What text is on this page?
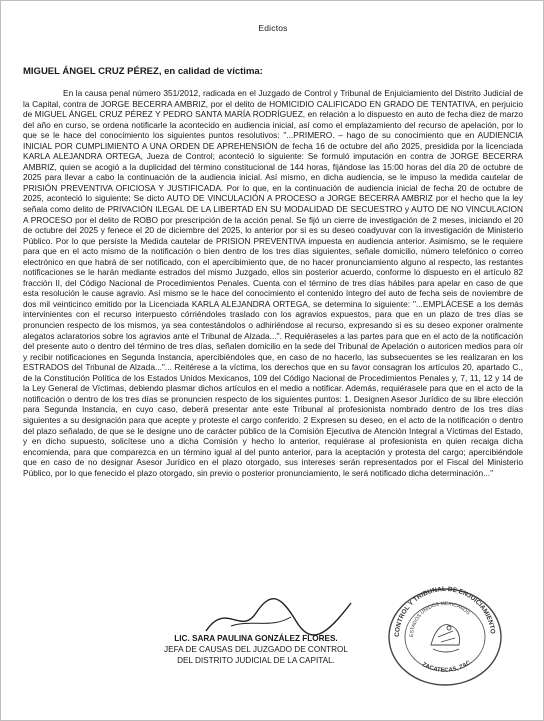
Edictos
MIGUEL ÁNGEL CRUZ PÉREZ, en calidad de víctima:
En la causa penal número 351/2012, radicada en el Juzgado de Control y Tribunal de Enjuiciamiento del Distrito Judicial de la Capital, contra de JORGE BECERRA AMBRIZ, por el delito de HOMICIDIO CALIFICADO EN GRADO DE TENTATIVA, en perjuicio de MIGUEL ÁNGEL CRUZ PÉREZ Y PEDRO SANTA MARÍA RODRÍGUEZ, en relación a lo dispuesto en auto de fecha diez de marzo del año en curso, se ordena notificarle la acontecido en audiencia inicial, así como el emplazamiento del recurso de apelación, por lo que se le hace del conocimiento los siguientes puntos resolutivos: "...PRIMERO. – hago de su conocimiento que en AUDIENCIA INICIAL POR CUMPLIMIENTO A UNA ORDEN DE APREHENSIÓN de fecha 16 de octubre del año 2025, presidida por la licenciada KARLA ALEJANDRA ORTEGA, Jueza de Control; aconteció lo siguiente: Se formuló imputación en contra de JORGE BECERRA AMBRIZ, quien se acogió a la duplicidad del término constitucional de 144 horas, fijándose las 15:00 horas del día 20 de octubre de 2025 para llevar a cabo la continuación de la audiencia inicial. Así mismo, en dicha audiencia, se le impuso la medida cautelar de PRISIÓN PREVENTIVA OFICIOSA Y JUSTIFICADA. Por lo que, en la continuación de audiencia inicial de fecha 20 de octubre de 2025, aconteció lo siguiente: Se dicto AUTO DE VINCULACIÓN A PROCESO a JORGE BECERRA AMBRIZ por el hecho que la ley señala como delito de PRIVACIÓN ILEGAL DE LA LIBERTAD EN SU MODALIDAD DE SECUESTRO y AUTO DE NO VINCULACION A PROCESO por el delito de ROBO por prescripción de la acción penal. Se fijó un cierre de investigación de 2 meses, iniciando el 20 de octubre del 2025 y fenece el 20 de diciembre del 2025, lo anterior por si es su deseo coadyuvar con la investigación de Ministerio Público. Por lo que persiste la Medida cautelar de PRISION PREVENTIVA impuesta en audiencia anterior. Asimismo, se le requiere para que en el acto mismo de la notificación o bien dentro de los tres días siguientes, señale domicilio, número telefónico o correo electrónico en que habrá de ser notificado, con el apercibimiento que, de no hacer pronunciamiento alguno al respecto, las restantes notificaciones se le harán mediante estrados del mismo Juzgado, ellos sin posterior acuerdo, conforme lo dispuesto en el artículo 82 fracción II, del Código Nacional de Procedimientos Penales. Cuenta con el término de tres días hábiles para apelar en caso de que esta resolución le cause agravio. Así mismo se le hace del conocimiento el contenido íntegro del auto de fecha seis de noviembre de dos mil veinticinco emitido por la Licenciada KARLA ALEJANDRA ORTEGA, se determina lo siguiente: "...EMPLÁCESE a los demás intervinientes con el recurso interpuesto córriéndoles traslado con los agravios expuestos, para que en un plazo de tres días se pronuncien respecto de los mismos, ya sea contestándolos o adhiriéndose al recurso, expresando si es su deseo exponer oralmente alegatos aclaratorios sobre los agravios ante el Tribunal de Alzada...". Requiéraseles a las partes para que en el acto de la notificación del presente auto o dentro del término de tres días, señalen domicilio en la sede del Tribunal de Apelación o autoricen medios para oír y recibir notificaciones en Segunda Instancia, apercibiéndoles que, en caso de no hacerlo, las subsecuentes se les realizaran en los ESTRADOS del Tribunal de Alzada..."... Reitérese a la víctima, los derechos que en su favor consagran los artículos 20, apartado C., de la Constitución Política de los Estados Unidos Mexicanos, 109 del Código Nacional de Procedimientos Penales y, 7, 11, 12 y 14 de la Ley General de Víctimas, debiendo plasmar dichos artículos en el medio a notificar. Además, requiérasele para que en el acto de la notificación o dentro de los tres días se pronuncien respecto de los siguientes puntos: 1. Designen Asesor Jurídico de su libre elección para Segunda Instancia, en cuyo caso, deberá presentar ante este Tribunal al profesionista nombrado dentro de los tres días siguientes a su designación para que acepte y proteste el cargo conferido. 2 Expresen su deseo, en el acto de la notificación o dentro del plazo señalado, de que se le designe uno de carácter público de la Comisión Ejecutiva de Atención Integral a Víctimas del Estado, y en dicho supuesto, solicítese uno a dicha Comisión y hecho lo anterior, requiérase al profesionista en quien recaiga dicha encomienda, para que comparezca en un término igual al del punto anterior, para la aceptación y protesta del cargo; apercibiéndole que en caso de no designar Asesor Jurídico en el plazo otorgado, sus intereses serán representados por el Fiscal del Ministerio Público, por lo que fenecido el plazo otorgado, sin previo o posterior pronunciamiento, le será notificado dicha determinación..."
LIC. SARA PAULINA GONZÁLEZ FLORES.
JEFA DE CAUSAS DEL JUZGADO DE CONTROL
DEL DISTRITO JUDICIAL DE LA CAPITAL.
CONTROL Y TRIBUNAL DE ENJUICIAMIENTO
ESTADOS UNIDOS MEXICANOS
ZACATECAS, ZAC.
